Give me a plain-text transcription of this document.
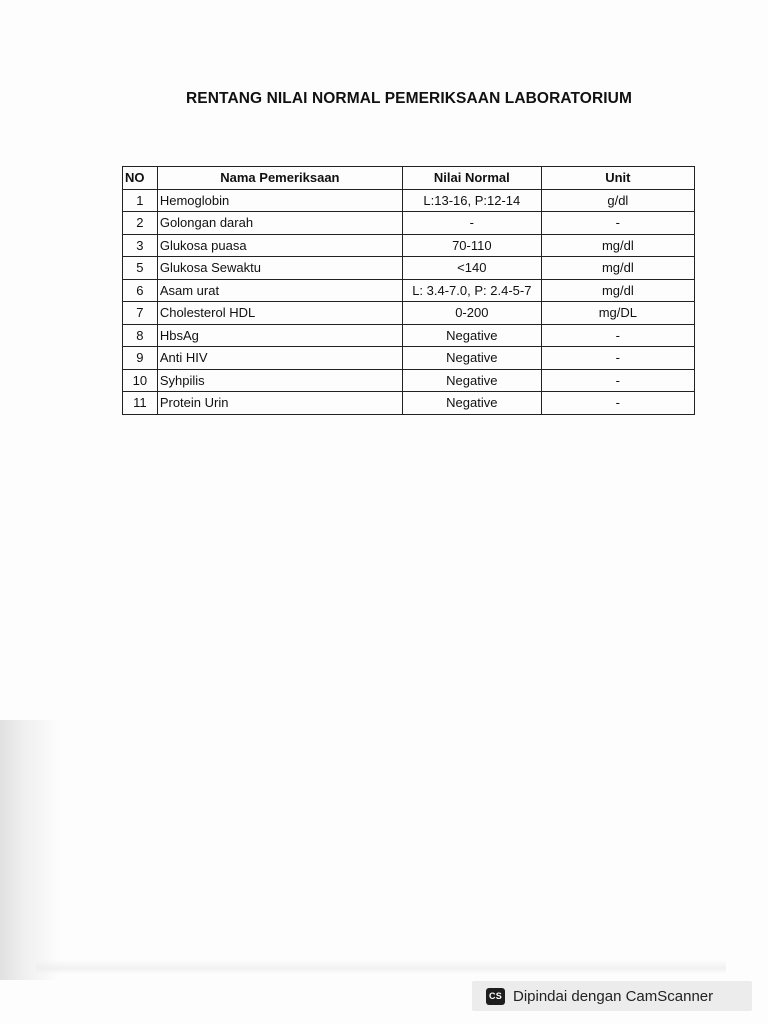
RENTANG NILAI NORMAL PEMERIKSAAN LABORATORIUM
NO	Nama Pemeriksaan	Nilai Normal	Unit
1	Hemoglobin	L:13-16, P:12-14	g/dl
2	Golongan darah	-	-
3	Glukosa puasa	70-110	mg/dl
5	Glukosa Sewaktu	<140	mg/dl
6	Asam urat	L: 3.4-7.0, P: 2.4-5-7	mg/dl
7	Cholesterol HDL	0-200	mg/DL
8	HbsAg	Negative	-
9	Anti HIV	Negative	-
10	Syhpilis	Negative	-
11	Protein Urin	Negative	-
CS Dipindai dengan CamScanner
